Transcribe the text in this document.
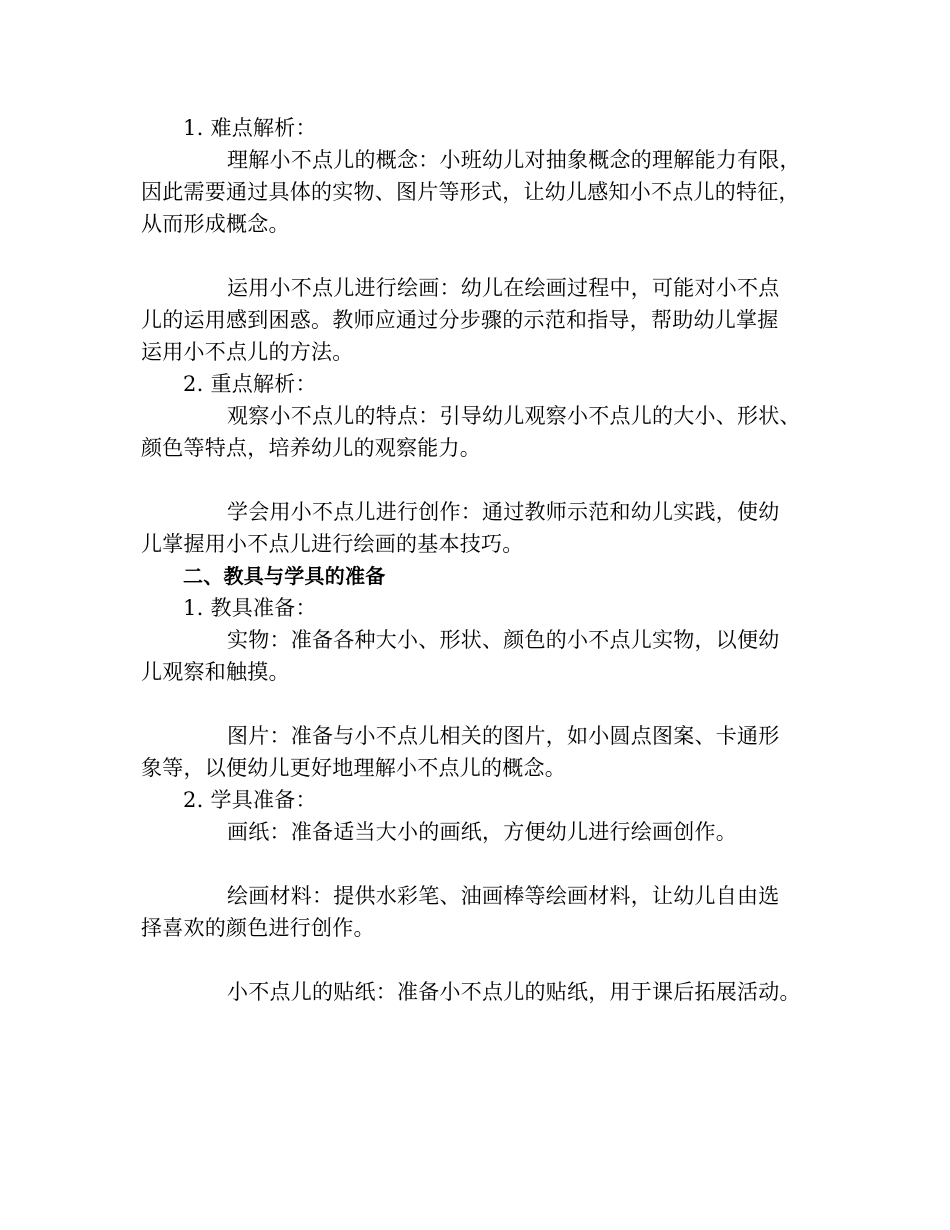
1. 难点解析：
理解小不点儿的概念：小班幼儿对抽象概念的理解能力有限，
因此需要通过具体的实物、图片等形式，让幼儿感知小不点儿的特征，
从而形成概念。
运用小不点儿进行绘画：幼儿在绘画过程中，可能对小不点
儿的运用感到困惑。教师应通过分步骤的示范和指导，帮助幼儿掌握
运用小不点儿的方法。
2. 重点解析：
观察小不点儿的特点：引导幼儿观察小不点儿的大小、形状、
颜色等特点，培养幼儿的观察能力。
学会用小不点儿进行创作：通过教师示范和幼儿实践，使幼
儿掌握用小不点儿进行绘画的基本技巧。
二、教具与学具的准备
1. 教具准备：
实物：准备各种大小、形状、颜色的小不点儿实物，以便幼
儿观察和触摸。
图片：准备与小不点儿相关的图片，如小圆点图案、卡通形
象等，以便幼儿更好地理解小不点儿的概念。
2. 学具准备：
画纸：准备适当大小的画纸，方便幼儿进行绘画创作。
绘画材料：提供水彩笔、油画棒等绘画材料，让幼儿自由选
择喜欢的颜色进行创作。
小不点儿的贴纸：准备小不点儿的贴纸，用于课后拓展活动。
